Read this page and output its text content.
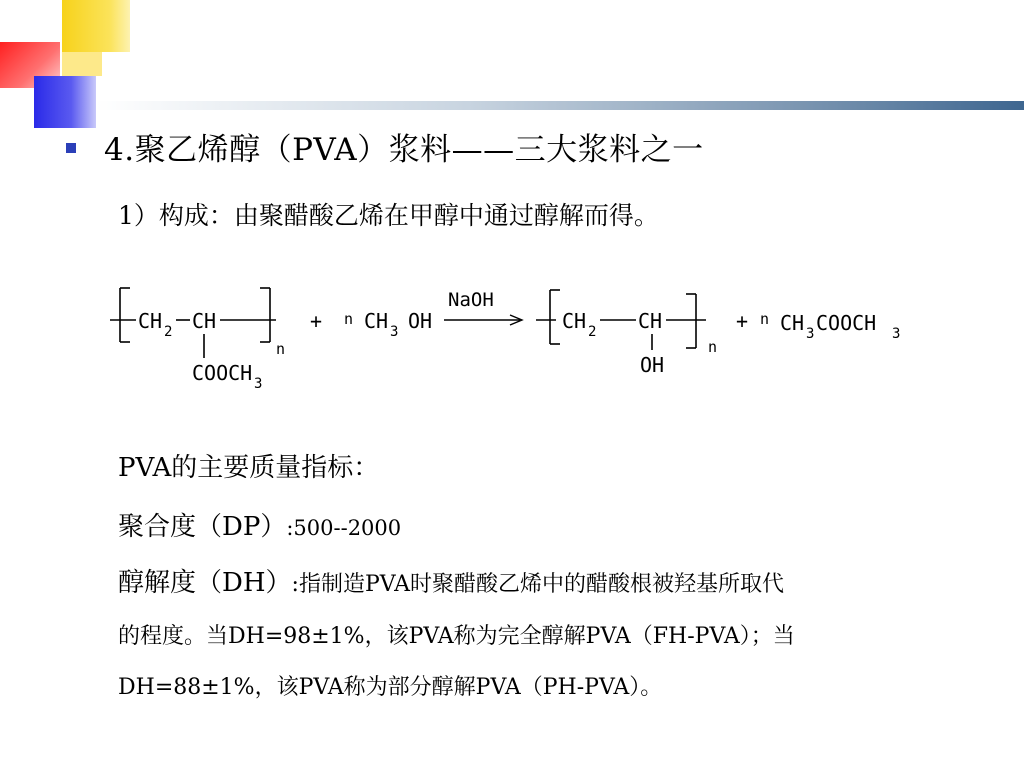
4.聚乙烯醇（PVA）浆料——三大浆料之一
1）构成：由聚醋酸乙烯在甲醇中通过醇解而得。
CH 2 CH
COOCH 3
n
+ n CH 3 OH
NaOH
CH 2 CH
OH
n
+ n CH 3 COOCH 3
PVA的主要质量指标：
聚合度（DP）:500--2000
醇解度（DH）:指制造PVA时聚醋酸乙烯中的醋酸根被羟基所取代
的程度。当DH=98±1%，该PVA称为完全醇解PVA（FH-PVA）；当
DH=88±1%，该PVA称为部分醇解PVA（PH-PVA）。
